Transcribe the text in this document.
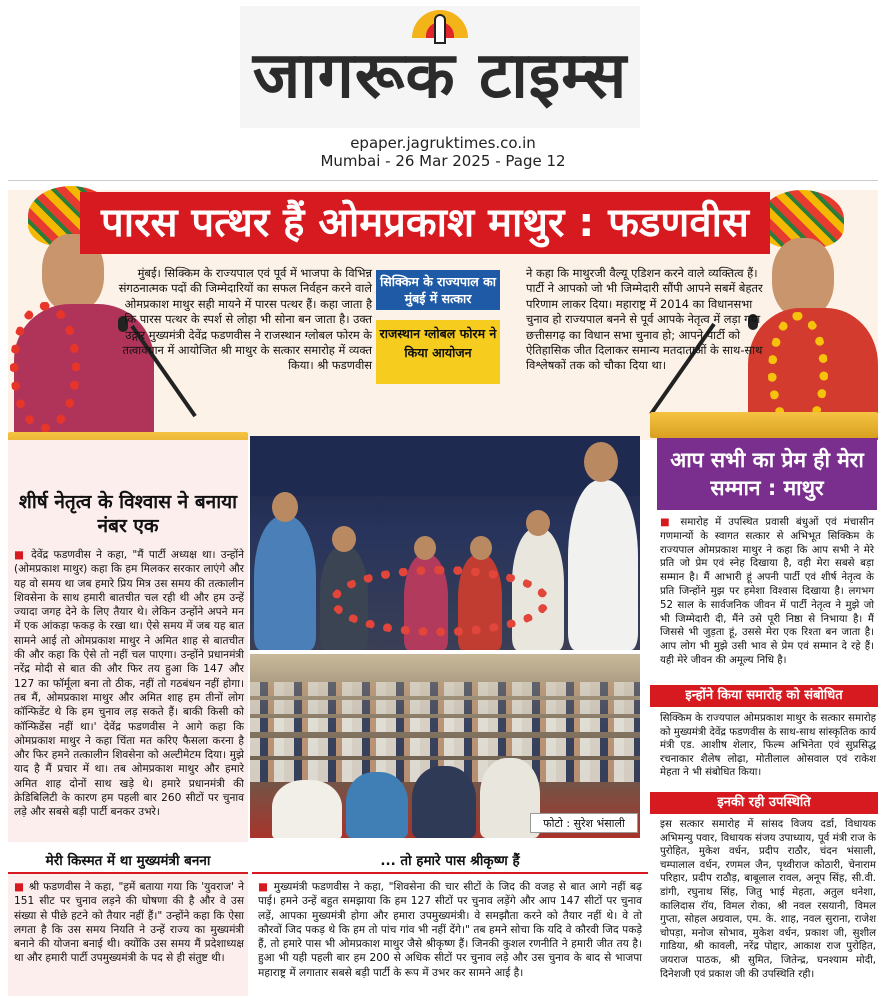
जागरूक टाइम्स
epaper.jagruktimes.co.in
Mumbai - 26 Mar 2025 - Page 12
पारस पत्थर हैं ओमप्रकाश माथुर : फडणवीस
मुंबई। सिक्किम के राज्यपाल एवं पूर्व में भाजपा के विभिन्न संगठनात्मक पदों की जिम्मेदारियों का सफल निर्वहन करने वाले ओमप्रकाश माथुर सही मायने में पारस पत्थर हैं। कहा जाता है कि पारस पत्थर के स्पर्श से लोहा भी सोना बन जाता है। उक्त उद्गार मुख्यमंत्री देवेंद्र फडणवीस ने राजस्थान ग्लोबल फोरम के तत्वावधान में आयोजित श्री माथुर के सत्कार समारोह में व्यक्त किया। श्री फडणवीस
सिक्किम के राज्यपाल का मुंबई में सत्कार
राजस्थान ग्लोबल फोरम ने किया आयोजन
ने कहा कि माथुरजी वैल्यू एडिशन करने वाले व्यक्तित्व हैं। पार्टी ने आपको जो भी जिम्मेदारी सौंपी आपने सबमें बेहतर परिणाम लाकर दिया। महाराष्ट्र में 2014 का विधानसभा चुनाव हो राज्यपाल बनने से पूर्व आपके नेतृत्व में लड़ा गया छत्तीसगढ़ का विधान सभा चुनाव हो; आपने पार्टी को ऐतिहासिक जीत दिलाकर समान्य मतदाताओं के साथ-साथ विश्लेषकों तक को चौका दिया था।
शीर्ष नेतृत्व के विश्वास ने बनाया नंबर एक
■ देवेंद्र फडणवीस ने कहा, "मैं पार्टी अध्यक्ष था। उन्होंने (ओमप्रकाश माथुर) कहा कि हम मिलकर सरकार लाएंगे और यह वो समय था जब हमारे प्रिय मित्र उस समय की तत्कालीन शिवसेना के साथ हमारी बातचीत चल रही थी और हम उन्हें ज्यादा जगह देने के लिए तैयार थे। लेकिन उन्होंने अपने मन में एक आंकड़ा फकड़ के रखा था। ऐसे समय में जब यह बात सामने आई तो ओमप्रकाश माथुर ने अमित शाह से बातचीत की और कहा कि ऐसे तो नहीं चल पाएगा। उन्होंने प्रधानमंत्री नरेंद्र मोदी से बात की और फिर तय हुआ कि 147 और 127 का फॉर्मूला बना तो ठीक, नहीं तो गठबंधन नहीं होगा। तब मैं, ओमप्रकाश माथुर और अमित शाह हम तीनों लोग कॉन्फिडेंट थे कि हम चुनाव लड़ सकते हैं। बाकी किसी को कॉन्फिडेंस नहीं था।' देवेंद्र फडणवीस ने आगे कहा कि ओमप्रकाश माथुर ने कहा चिंता मत करिए फैसला करना है और फिर हमने तत्कालीन शिवसेना को अल्टीमेटम दिया। मुझे याद है मैं प्रचार में था। तब ओमप्रकाश माथुर और हमारे अमित शाह दोनों साथ खड़े थे। हमारे प्रधानमंत्री की क्रेडिबिलिटी के कारण हम पहली बार 260 सीटों पर चुनाव लड़े और सबसे बड़ी पार्टी बनकर उभरे।
फोटो : सुरेश भंसाली
आप सभी का प्रेम ही मेरा सम्मान : माथुर
■ समारोह में उपस्थित प्रवासी बंधुओं एवं मंचासीन गणमान्यों के स्वागत सत्कार से अभिभूत सिक्किम के राज्यपाल ओमप्रकाश माथुर ने कहा कि आप सभी ने मेरे प्रति जो प्रेम एवं स्नेह दिखाया है, वही मेरा सबसे बड़ा सम्मान है। मैं आभारी हूं अपनी पार्टी एवं शीर्ष नेतृत्व के प्रति जिन्होंने मुझ पर हमेशा विश्वास दिखाया है। लगभग 52 साल के सार्वजनिक जीवन में पार्टी नेतृत्व ने मुझे जो भी जिम्मेदारी दी, मैंने उसे पूरी निष्ठा से निभाया है। मैं जिससे भी जुड़ता हूं, उससे मेरा एक रिश्ता बन जाता है। आप लोग भी मुझे उसी भाव से प्रेम एवं सम्मान दे रहे हैं। यही मेरे जीवन की अमूल्य निधि है।
इन्होंने किया समारोह को संबोधित
सिक्किम के राज्यपाल ओमप्रकाश माथुर के सत्कार समारोह को मुख्यमंत्री देवेंद्र फडणवीस के साथ-साथ सांस्कृतिक कार्य मंत्री एड. आशीष शेलार, फिल्म अभिनेता एवं सुप्रसिद्ध रचनाकार शैलेष लोढ़ा, मोतीलाल ओसवाल एवं राकेश मेहता ने भी संबोधित किया।
इनकी रही उपस्थिति
इस सत्कार समारोह में सांसद विजय दर्डा, विधायक अभिमन्यु पवार, विधायक संजय उपाध्याय, पूर्व मंत्री राज के पुरोहित, मुकेश वर्धन, प्रदीप राठौर, चंदन भंसाली, चम्पालाल वर्धन, रणमल जैन, पृथ्वीराज कोठारी, चेनाराम परिहार, प्रदीप राठौड़, बाबूलाल रावल, अनूप सिंह, सी.वी. डांगी, रघुनाथ सिंह, जितु भाई मेहता, अतुल धनेशा, कालिदास रॉय, विमल रोका, श्री नवल रसयानी, विमल गुप्ता, सोहल अग्रवाल, एम. के. शाह, नवल सुराना, राजेश चोपड़ा, मनोज सोभाव, मुकेश वर्धन, प्रकाश जी, सुशील गाडिया, श्री कावली, नरेंद्र पोद्दार, आकाश राज पुरोहित, जयराज पाठक, श्री सुमित, जितेन्द्र, घनश्याम मोदी, दिनेशजी एवं प्रकाश जी की उपस्थिति रही।
मेरी किस्मत में था मुख्यमंत्री बनना	... तो हमारे पास श्रीकृष्ण हैं
■ श्री फडणवीस ने कहा, "हमें बताया गया कि 'युवराज' ने 151 सीट पर चुनाव लड़ने की घोषणा की है और वे उस संख्या से पीछे हटने को तैयार नहीं हैं।" उन्होंने कहा कि ऐसा लगता है कि उस समय नियति ने उन्हें राज्य का मुख्यमंत्री बनाने की योजना बनाई थी। क्योंकि उस समय मैं प्रदेशाध्यक्ष था और हमारी पार्टी उपमुख्यमंत्री के पद से ही संतुष्ट थी।
■ मुख्यमंत्री फडणवीस ने कहा, "शिवसेना की चार सीटों के जिद की वजह से बात आगे नहीं बढ़ पाई। हमने उन्हें बहुत समझाया कि हम 127 सीटों पर चुनाव लड़ेंगे और आप 147 सीटों पर चुनाव लड़ें, आपका मुख्यमंत्री होगा और हमारा उपमुख्यमंत्री। वे समझौता करने को तैयार नहीं थे। वे तो कौरवों जिद पकड़ थे कि हम तो पांच गांव भी नहीं देंगे।" तब हमने सोचा कि यदि वे कौरवी जिद पकड़े हैं, तो हमारे पास भी ओमप्रकाश माथुर जैसे श्रीकृष्ण हैं। जिनकी कुशल रणनीति ने हमारी जीत तय है। हुआ भी यही पहली बार हम 200 से अधिक सीटों पर चुनाव लड़े और उस चुनाव के बाद से भाजपा महाराष्ट्र में लगातार सबसे बड़ी पार्टी के रूप में उभर कर सामने आई है।
